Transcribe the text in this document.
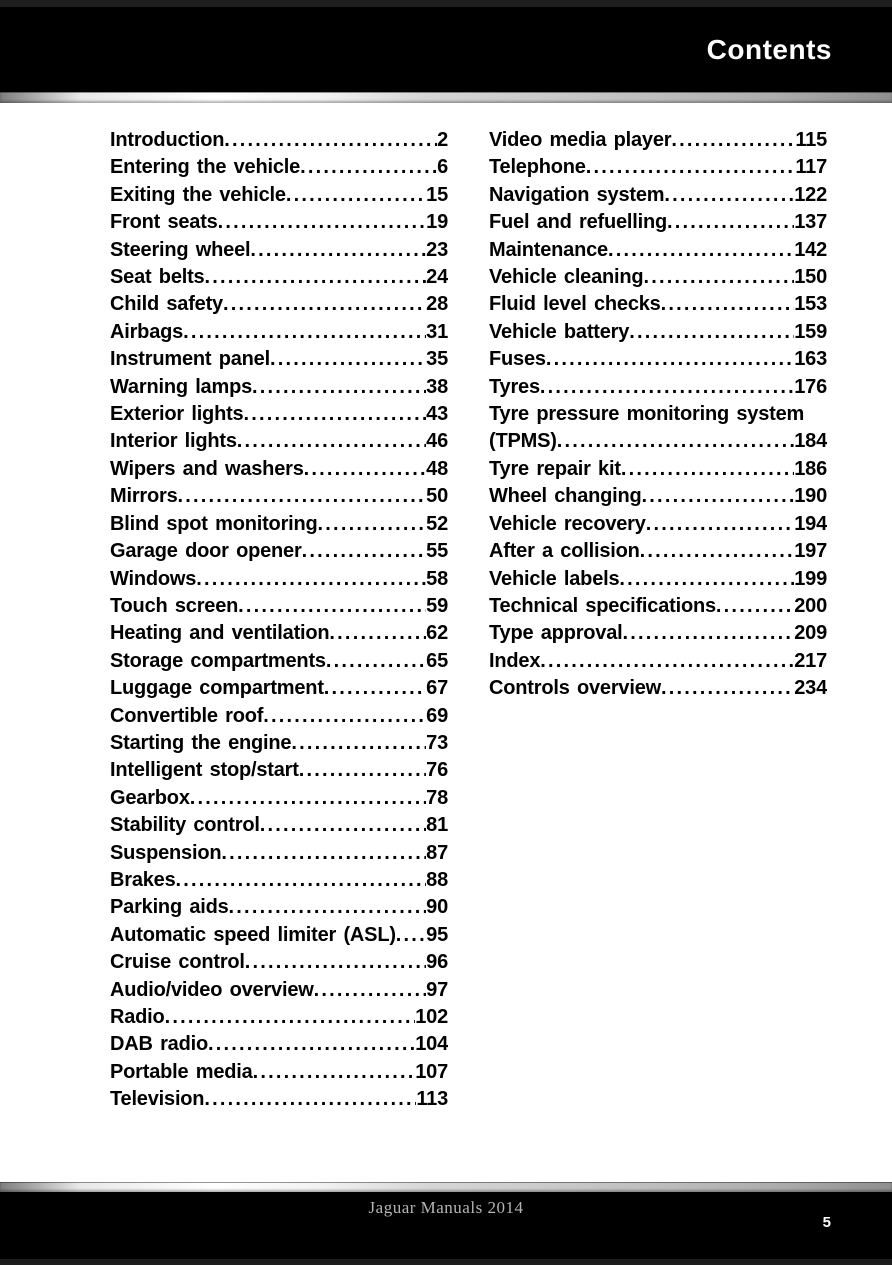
Contents
Introduction .....	2
Entering the vehicle .....	6
Exiting the vehicle .....	15
Front seats .....	19
Steering wheel .....	23
Seat belts .....	24
Child safety .....	28
Airbags .....	31
Instrument panel .....	35
Warning lamps .....	38
Exterior lights .....	43
Interior lights .....	46
Wipers and washers .....	48
Mirrors .....	50
Blind spot monitoring .....	52
Garage door opener .....	55
Windows .....	58
Touch screen .....	59
Heating and ventilation .....	62
Storage compartments .....	65
Luggage compartment .....	67
Convertible roof .....	69
Starting the engine .....	73
Intelligent stop/start .....	76
Gearbox .....	78
Stability control .....	81
Suspension .....	87
Brakes .....	88
Parking aids .....	90
Automatic speed limiter (ASL) ..... 95
Cruise control .....	96
Audio/video overview .....	97
Radio .....	102
DAB radio .....	104
Portable media .....	107
Television .....	113
Video media player .....	115
Telephone .....	117
Navigation system .....	122
Fuel and refuelling .....	137
Maintenance .....	142
Vehicle cleaning .....	150
Fluid level checks .....	153
Vehicle battery .....	159
Fuses .....	163
Tyres .....	176
Tyre pressure monitoring system
(TPMS) .....	184
Tyre repair kit .....	186
Wheel changing .....	190
Vehicle recovery .....	194
After a collision .....	197
Vehicle labels .....	199
Technical specifications .....	200
Type approval .....	209
Index .....	217
Controls overview .....	234
Jaguar Manuals 2014
5
